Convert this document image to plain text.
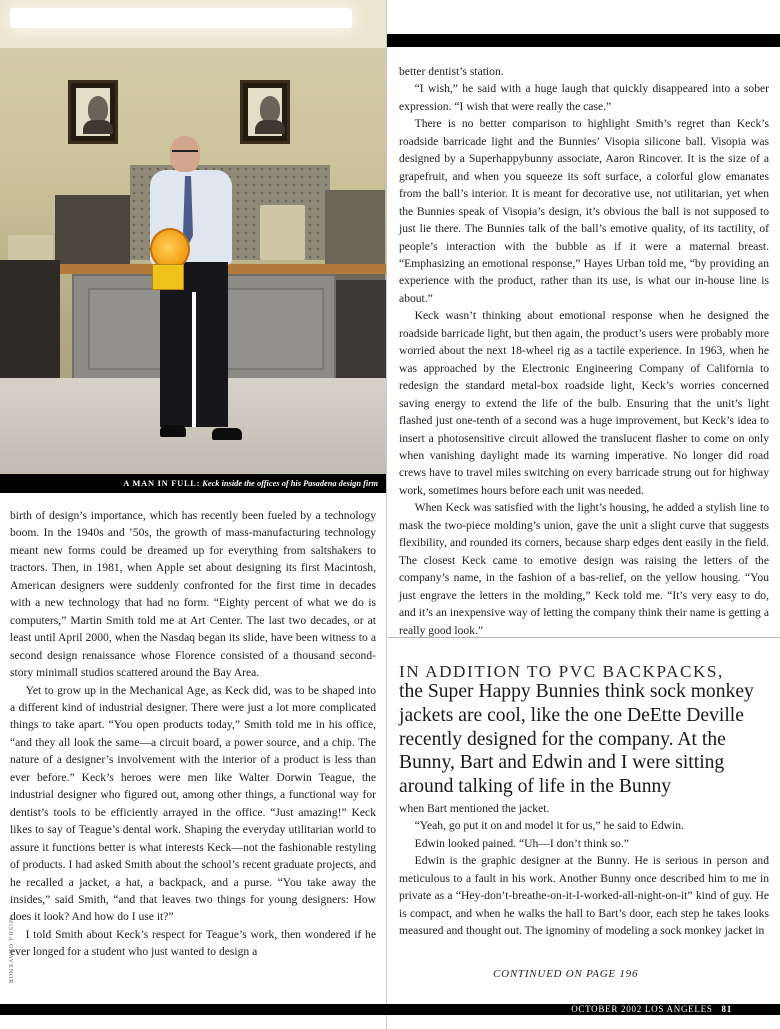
A MAN IN FULL: Keck inside the offices of his Pasadena design firm

birth of design’s importance, which has recently been fueled by a technology boom. In the 1940s and ’50s, the growth of mass-manufacturing technology meant new forms could be dreamed up for everything from saltshakers to tractors. Then, in 1981, when Apple set about designing its first Macintosh, American designers were suddenly confronted for the first time in decades with a new technology that had no form. “Eighty percent of what we do is computers,” Martin Smith told me at Art Center. The last two decades, or at least until April 2000, when the Nasdaq began its slide, have been witness to a second design renaissance whose Florence consisted of a thousand second-story minimall studios scattered around the Bay Area.

Yet to grow up in the Mechanical Age, as Keck did, was to be shaped into a different kind of industrial designer. There were just a lot more complicated things to take apart. “You open products today,” Smith told me in his office, “and they all look the same—a circuit board, a power source, and a chip. The nature of a designer’s involvement with the interior of a product is less than ever before.” Keck’s heroes were men like Walter Dorwin Teague, the industrial designer who figured out, among other things, a functional way for dentist’s tools to be efficiently arrayed in the office. “Just amazing!” Keck likes to say of Teague’s dental work. Shaping the everyday utilitarian world to assure it functions better is what interests Keck—not the fashionable restyling of products. I had asked Smith about the school’s recent graduate projects, and he recalled a jacket, a hat, a backpack, and a purse. “You take away the insides,” said Smith, “and that leaves two things for young designers: How does it look? And how do I use it?”

I told Smith about Keck’s respect for Teague’s work, then wondered if he ever longed for a student who just wanted to design a

MISHA GRAVENOR

better dentist’s station.

“I wish,” he said with a huge laugh that quickly disappeared into a sober expression. “I wish that were really the case.”

There is no better comparison to highlight Smith’s regret than Keck’s roadside barricade light and the Bunnies’ Visopia silicone ball. Visopia was designed by a Superhappybunny associate, Aaron Rincover. It is the size of a grapefruit, and when you squeeze its soft surface, a colorful glow emanates from the ball’s interior. It is meant for decorative use, not utilitarian, yet when the Bunnies speak of Visopia’s design, it’s obvious the ball is not supposed to just lie there. The Bunnies talk of the ball’s emotive quality, of its tactility, of people’s interaction with the bubble as if it were a maternal breast. “Emphasizing an emotional response,” Hayes Urban told me, “by providing an experience with the product, rather than its use, is what our in-house line is about.”

Keck wasn’t thinking about emotional response when he designed the roadside barricade light, but then again, the product’s users were probably more worried about the next 18-wheel rig as a tactile experience. In 1963, when he was approached by the Electronic Engineering Company of California to redesign the standard metal-box roadside light, Keck’s worries concerned saving energy to extend the life of the bulb. Ensuring that the unit’s light flashed just one-tenth of a second was a huge improvement, but Keck’s idea to insert a photosensitive circuit allowed the translucent flasher to come on only when vanishing daylight made its warning imperative. No longer did road crews have to travel miles switching on every barricade strung out for highway work, sometimes hours before each unit was needed.

When Keck was satisfied with the light’s housing, he added a stylish line to mask the two-piece molding’s union, gave the unit a slight curve that suggests flexibility, and rounded its corners, because sharp edges dent easily in the field. The closest Keck came to emotive design was raising the letters of the company’s name, in the fashion of a bas-relief, on the yellow housing. “You just engrave the letters in the molding,” Keck told me. “It’s very easy to do, and it’s an inexpensive way of letting the company think their name is getting a really good look.”

IN ADDITION TO PVC BACKPACKS,
the Super Happy Bunnies think sock monkey jackets are cool, like the one DeEtte Deville recently designed for the company. At the Bunny, Bart and Edwin and I were sitting around talking of life in the Bunny

when Bart mentioned the jacket.

“Yeah, go put it on and model it for us,” he said to Edwin.

Edwin looked pained. “Uh—I don’t think so.”

Edwin is the graphic designer at the Bunny. He is serious in person and meticulous to a fault in his work. Another Bunny once described him to me in private as a “Hey-don’t-breathe-on-it-I-worked-all-night-on-it” kind of guy. He is compact, and when he walks the hall to Bart’s door, each step he takes looks measured and thought out. The ignominy of modeling a sock monkey jacket in

CONTINUED ON PAGE 196
OCTOBER 2002 LOS ANGELES 81
